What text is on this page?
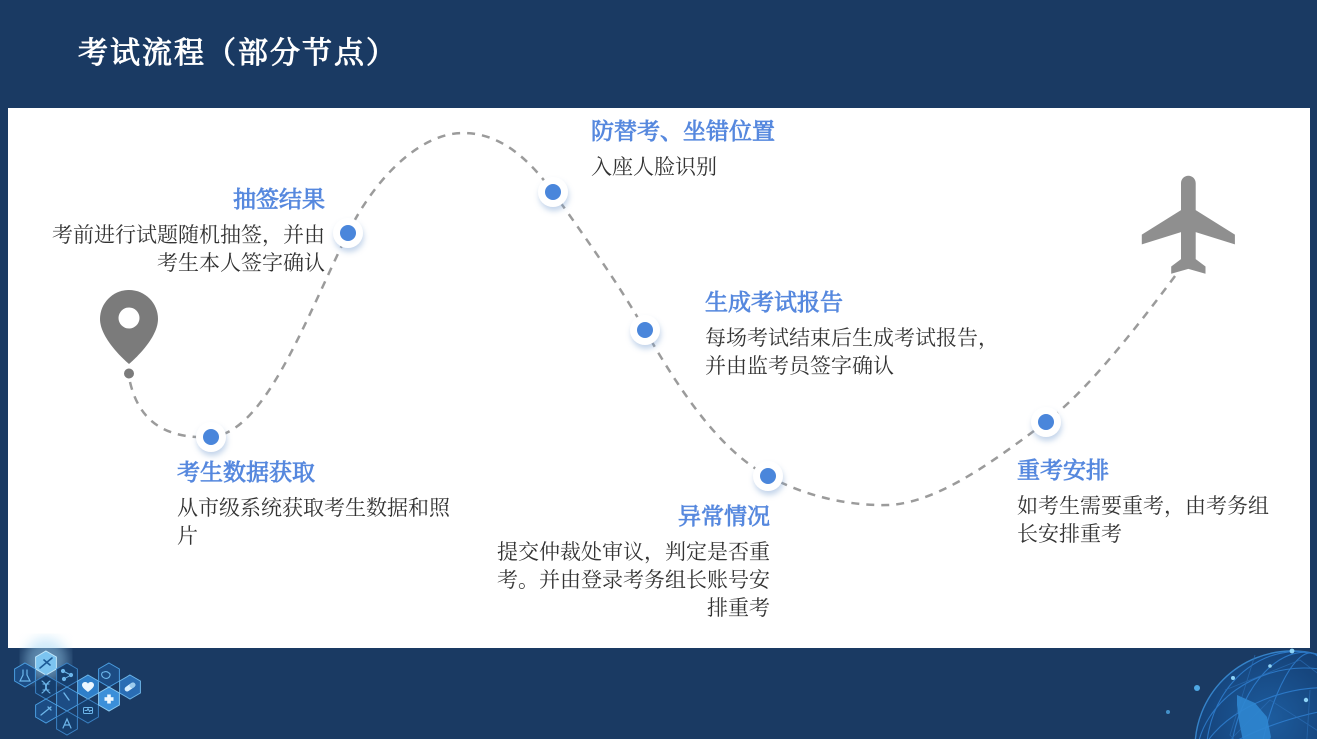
考试流程（部分节点）
抽签结果
考前进行试题随机抽签，并由考生本人签字确认
防替考、坐错位置
入座人脸识别
生成考试报告
每场考试结束后生成考试报告，并由监考员签字确认
考生数据获取
从市级系统获取考生数据和照片
异常情况
提交仲裁处审议，判定是否重考。并由登录考务组长账号安排重考
重考安排
如考生需要重考，由考务组长安排重考
